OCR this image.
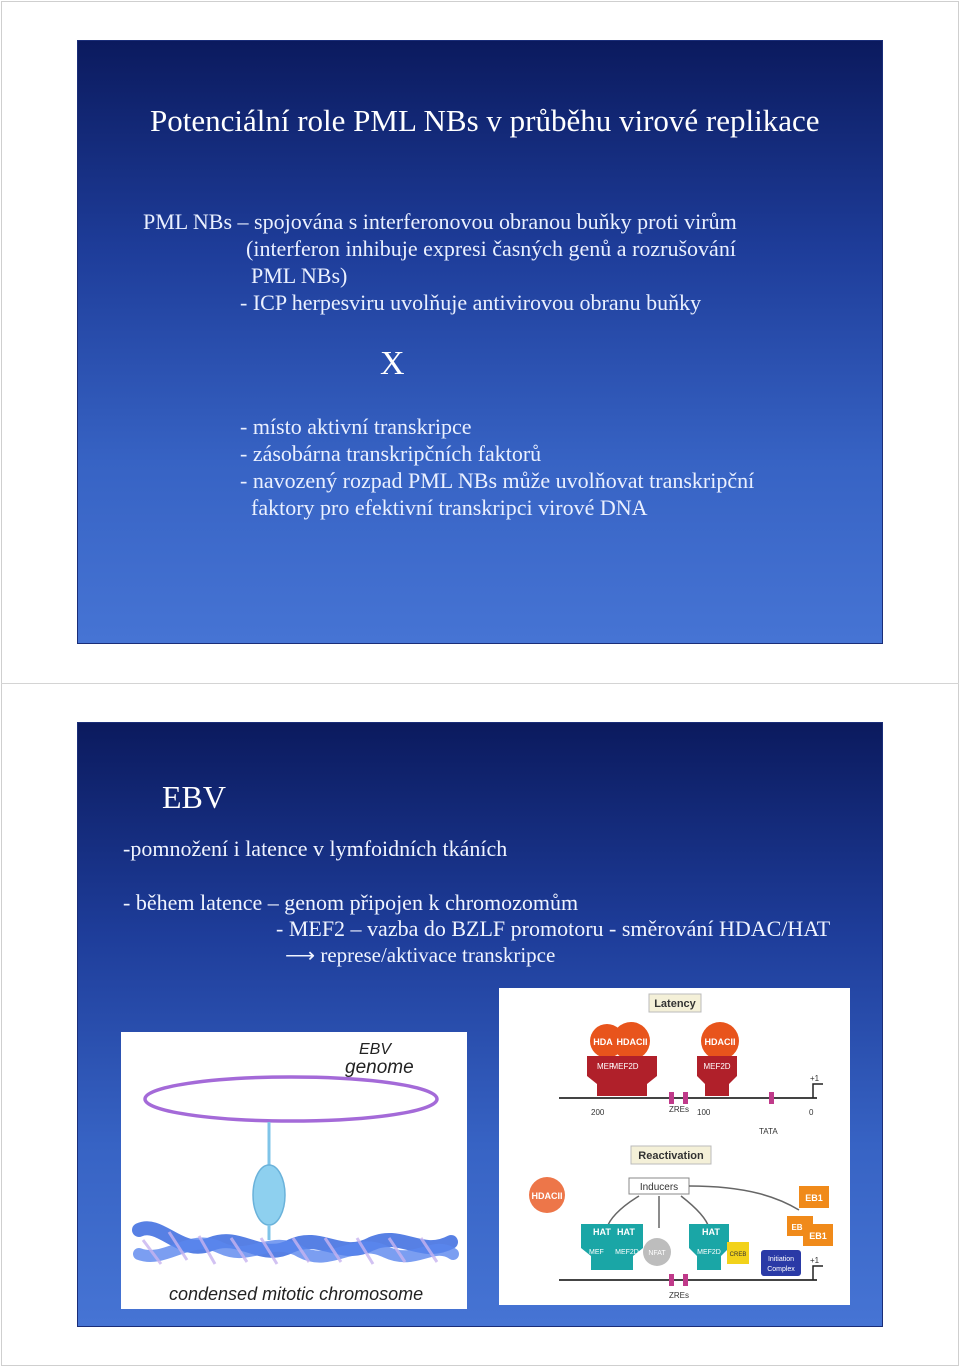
Potenciální role PML NBs v průběhu virové replikace
PML NBs – spojována s interferonovou obranou buňky proti virům
(interferon inhibuje expresi časných genů a rozrušování
PML NBs)
- ICP herpesviru uvolňuje antivirovou obranu buňky
X
- místo aktivní transkripce
- zásobárna transkripčních faktorů
- navozený rozpad PML NBs může uvolňovat transkripční
faktory pro efektivní transkripci virové DNA
EBV
-pomnožení i latence v lymfoidních tkáních
- během latence – genom připojen k chromozomům
- MEF2 – vazba do BZLF promotoru - směrování HDAC/HAT
⟶ represe/aktivace transkripce
EBV
genome
condensed mitotic chromosome
Latency
HDA HDACII	HDACII
MEF
MEF2D	MEF2D
200	ZREs 100	0
+1
TATA
Reactivation
Inducers
HDACII
HAT HAT	HAT
MEF MEF2D NFAT	MEF2D CREB
EB1
EB
EB1
Initiation
Complex
+1
ZREs
